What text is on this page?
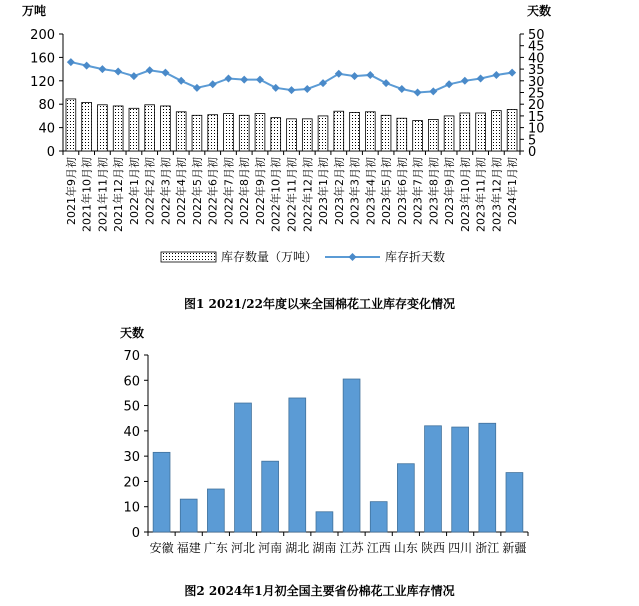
万吨	天数
0
40
80
120
160
200
0
5
10
15
20
25
30
35
40
45
50
2021年9月初 2021年10月初 2021年11月初 2021年12月初 2022年1月初 2022年2月初 2022年3月初 2022年4月初 2022年5月初 2022年6月初 2022年7月初 2022年8月初 2022年9月初 2022年10月初 2022年11月初 2022年12月初 2023年1月初 2023年2月初 2023年3月初 2023年4月初 2023年5月初 2023年6月初 2023年7月初 2023年8月初 2023年9月初 2023年10月初 2023年11月初 2023年12月初 2024年1月初
库存数量（万吨）	库存折天数
图1 2021/22年度以来全国棉花工业库存变化情况
天数
0
10
20
30
40
50
60
70
安徽 福建 广东 河北 河南 湖北 湖南 江苏 江西 山东 陕西 四川 浙江 新疆
图2 2024年1月初全国主要省份棉花工业库存情况
